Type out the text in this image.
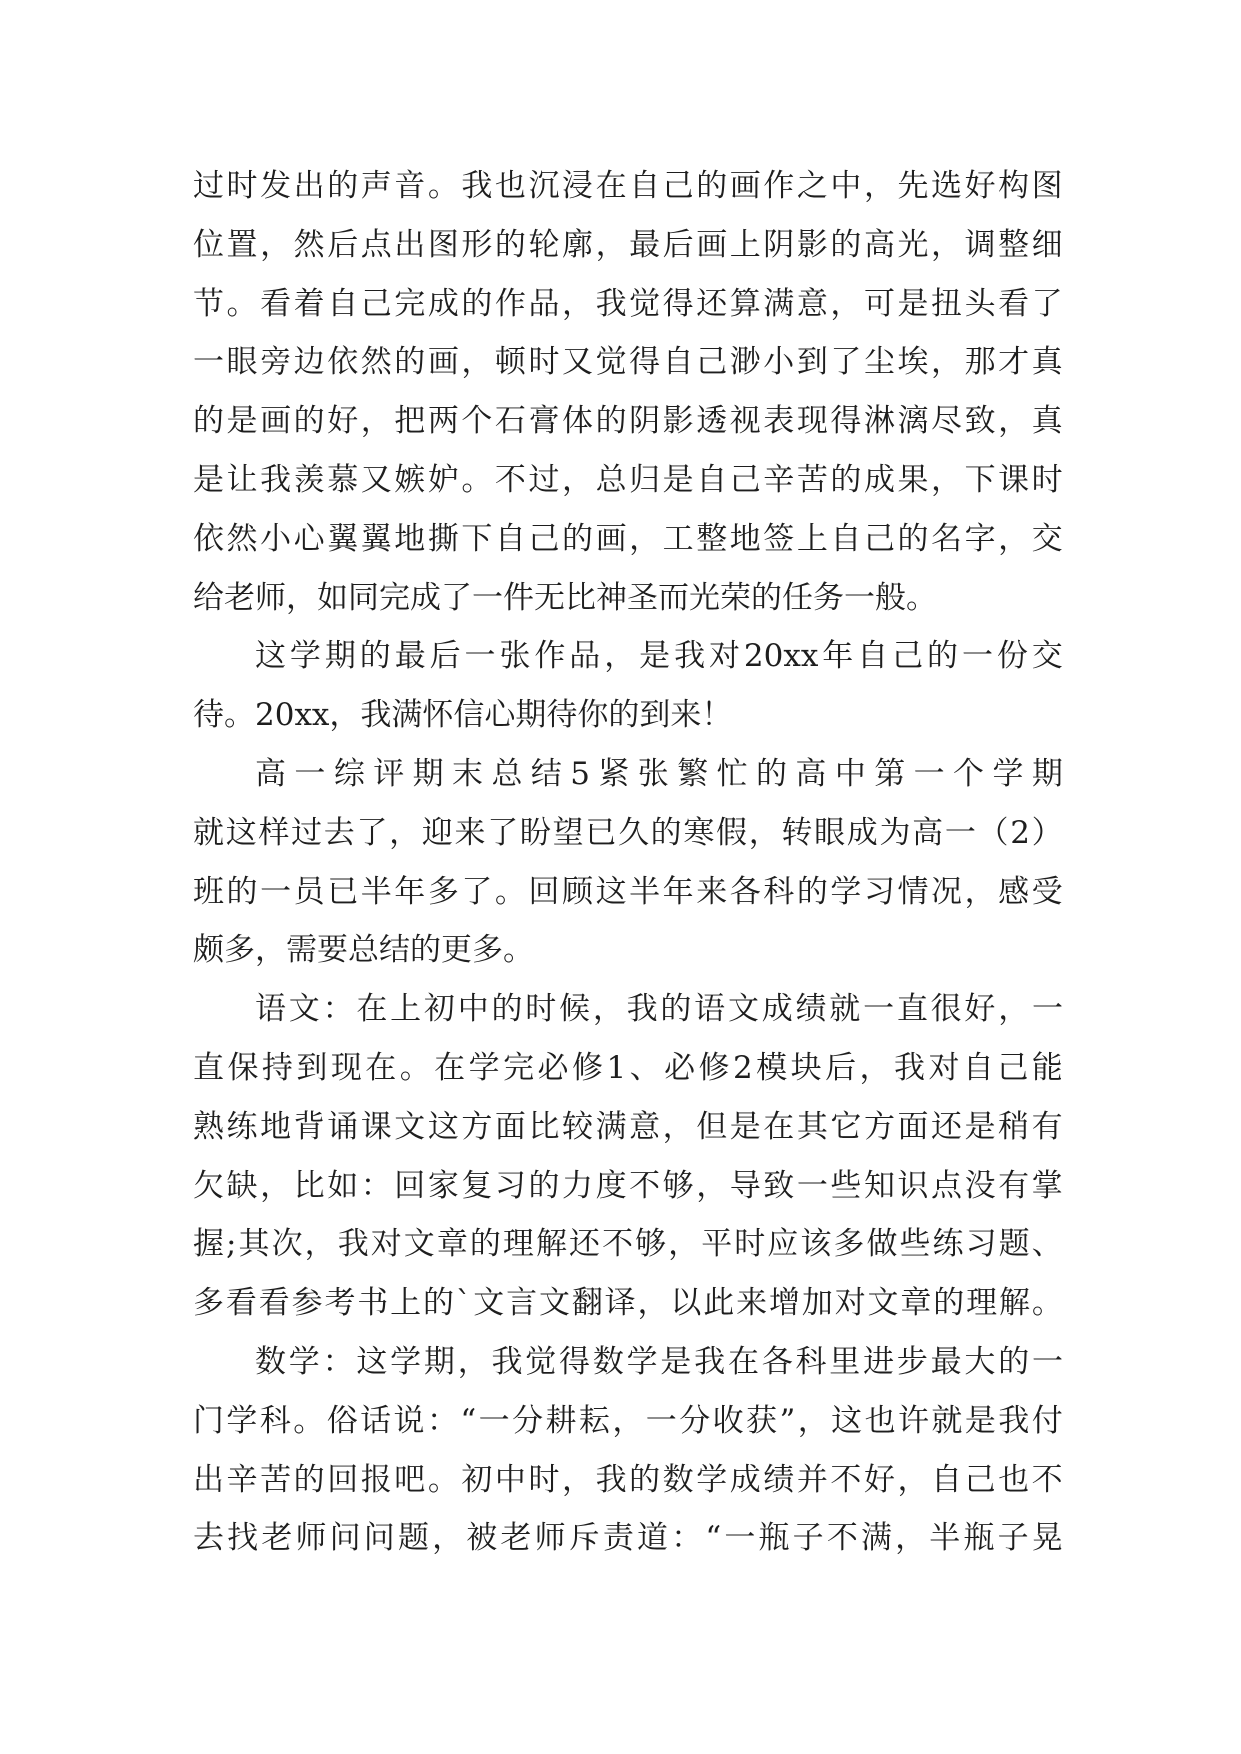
过 时 发 出 的 声 音 。 我 也 沉 浸 在 自 己 的 画 作 之 中 ， 先 选 好 构 图
位 置 ， 然 后 点 出 图 形 的 轮 廓 ， 最 后 画 上 阴 影 的 高 光 ， 调 整 细
节 。 看 着 自 己 完 成 的 作 品 ， 我 觉 得 还 算 满 意 ， 可 是 扭 头 看 了
一 眼 旁 边 依 然 的 画 ， 顿 时 又 觉 得 自 己 渺 小 到 了 尘 埃 ， 那 才 真
的 是 画 的 好 ， 把 两 个 石 膏 体 的 阴 影 透 视 表 现 得 淋 漓 尽 致 ， 真
是 让 我 羡 慕 又 嫉 妒 。 不 过 ， 总 归 是 自 己 辛 苦 的 成 果 ， 下 课 时
依 然 小 心 翼 翼 地 撕 下 自 己 的 画 ， 工 整 地 签 上 自 己 的 名 字 ， 交
给老师，如同完成了一件无比神圣而光荣的任务一般。
这 学 期 的 最 后 一 张 作 品 ， 是 我 对 20xx 年 自 己 的 一 份 交
待。20xx，我满怀信心期待你的到来！
高 一 综 评 期 末 总 结 5 紧 张 繁 忙 的 高 中 第 一 个 学 期
就 这 样 过 去 了 ， 迎 来 了 盼 望 已 久 的 寒 假 ， 转 眼 成 为 高 一 （ 2 ）
班 的 一 员 已 半 年 多 了 。 回 顾 这 半 年 来 各 科 的 学 习 情 况 ， 感 受
颇多，需要总结的更多。
语 文 ： 在 上 初 中 的 时 候 ， 我 的 语 文 成 绩 就 一 直 很 好 ， 一
直 保 持 到 现 在 。 在 学 完 必 修 1 、 必 修 2 模 块 后 ， 我 对 自 己 能
熟 练 地 背 诵 课 文 这 方 面 比 较 满 意 ， 但 是 在 其 它 方 面 还 是 稍 有
欠 缺 ， 比 如 ： 回 家 复 习 的 力 度 不 够 ， 导 致 一 些 知 识 点 没 有 掌
握 ; 其 次 ， 我 对 文 章 的 理 解 还 不 够 ， 平 时 应 该 多 做 些 练 习 题 、
多 看 看 参 考 书 上 的 ` 文 言 文 翻 译 ， 以 此 来 增 加 对 文 章 的 理 解 。
数 学 ： 这 学 期 ， 我 觉 得 数 学 是 我 在 各 科 里 进 步 最 大 的 一
门 学 科 。 俗 话 说 ： “ 一 分 耕 耘 ， 一 分 收 获 ” ， 这 也 许 就 是 我 付
出 辛 苦 的 回 报 吧 。 初 中 时 ， 我 的 数 学 成 绩 并 不 好 ， 自 己 也 不
去 找 老 师 问 问 题 ， 被 老 师 斥 责 道 ： “ 一 瓶 子 不 满 ， 半 瓶 子 晃
